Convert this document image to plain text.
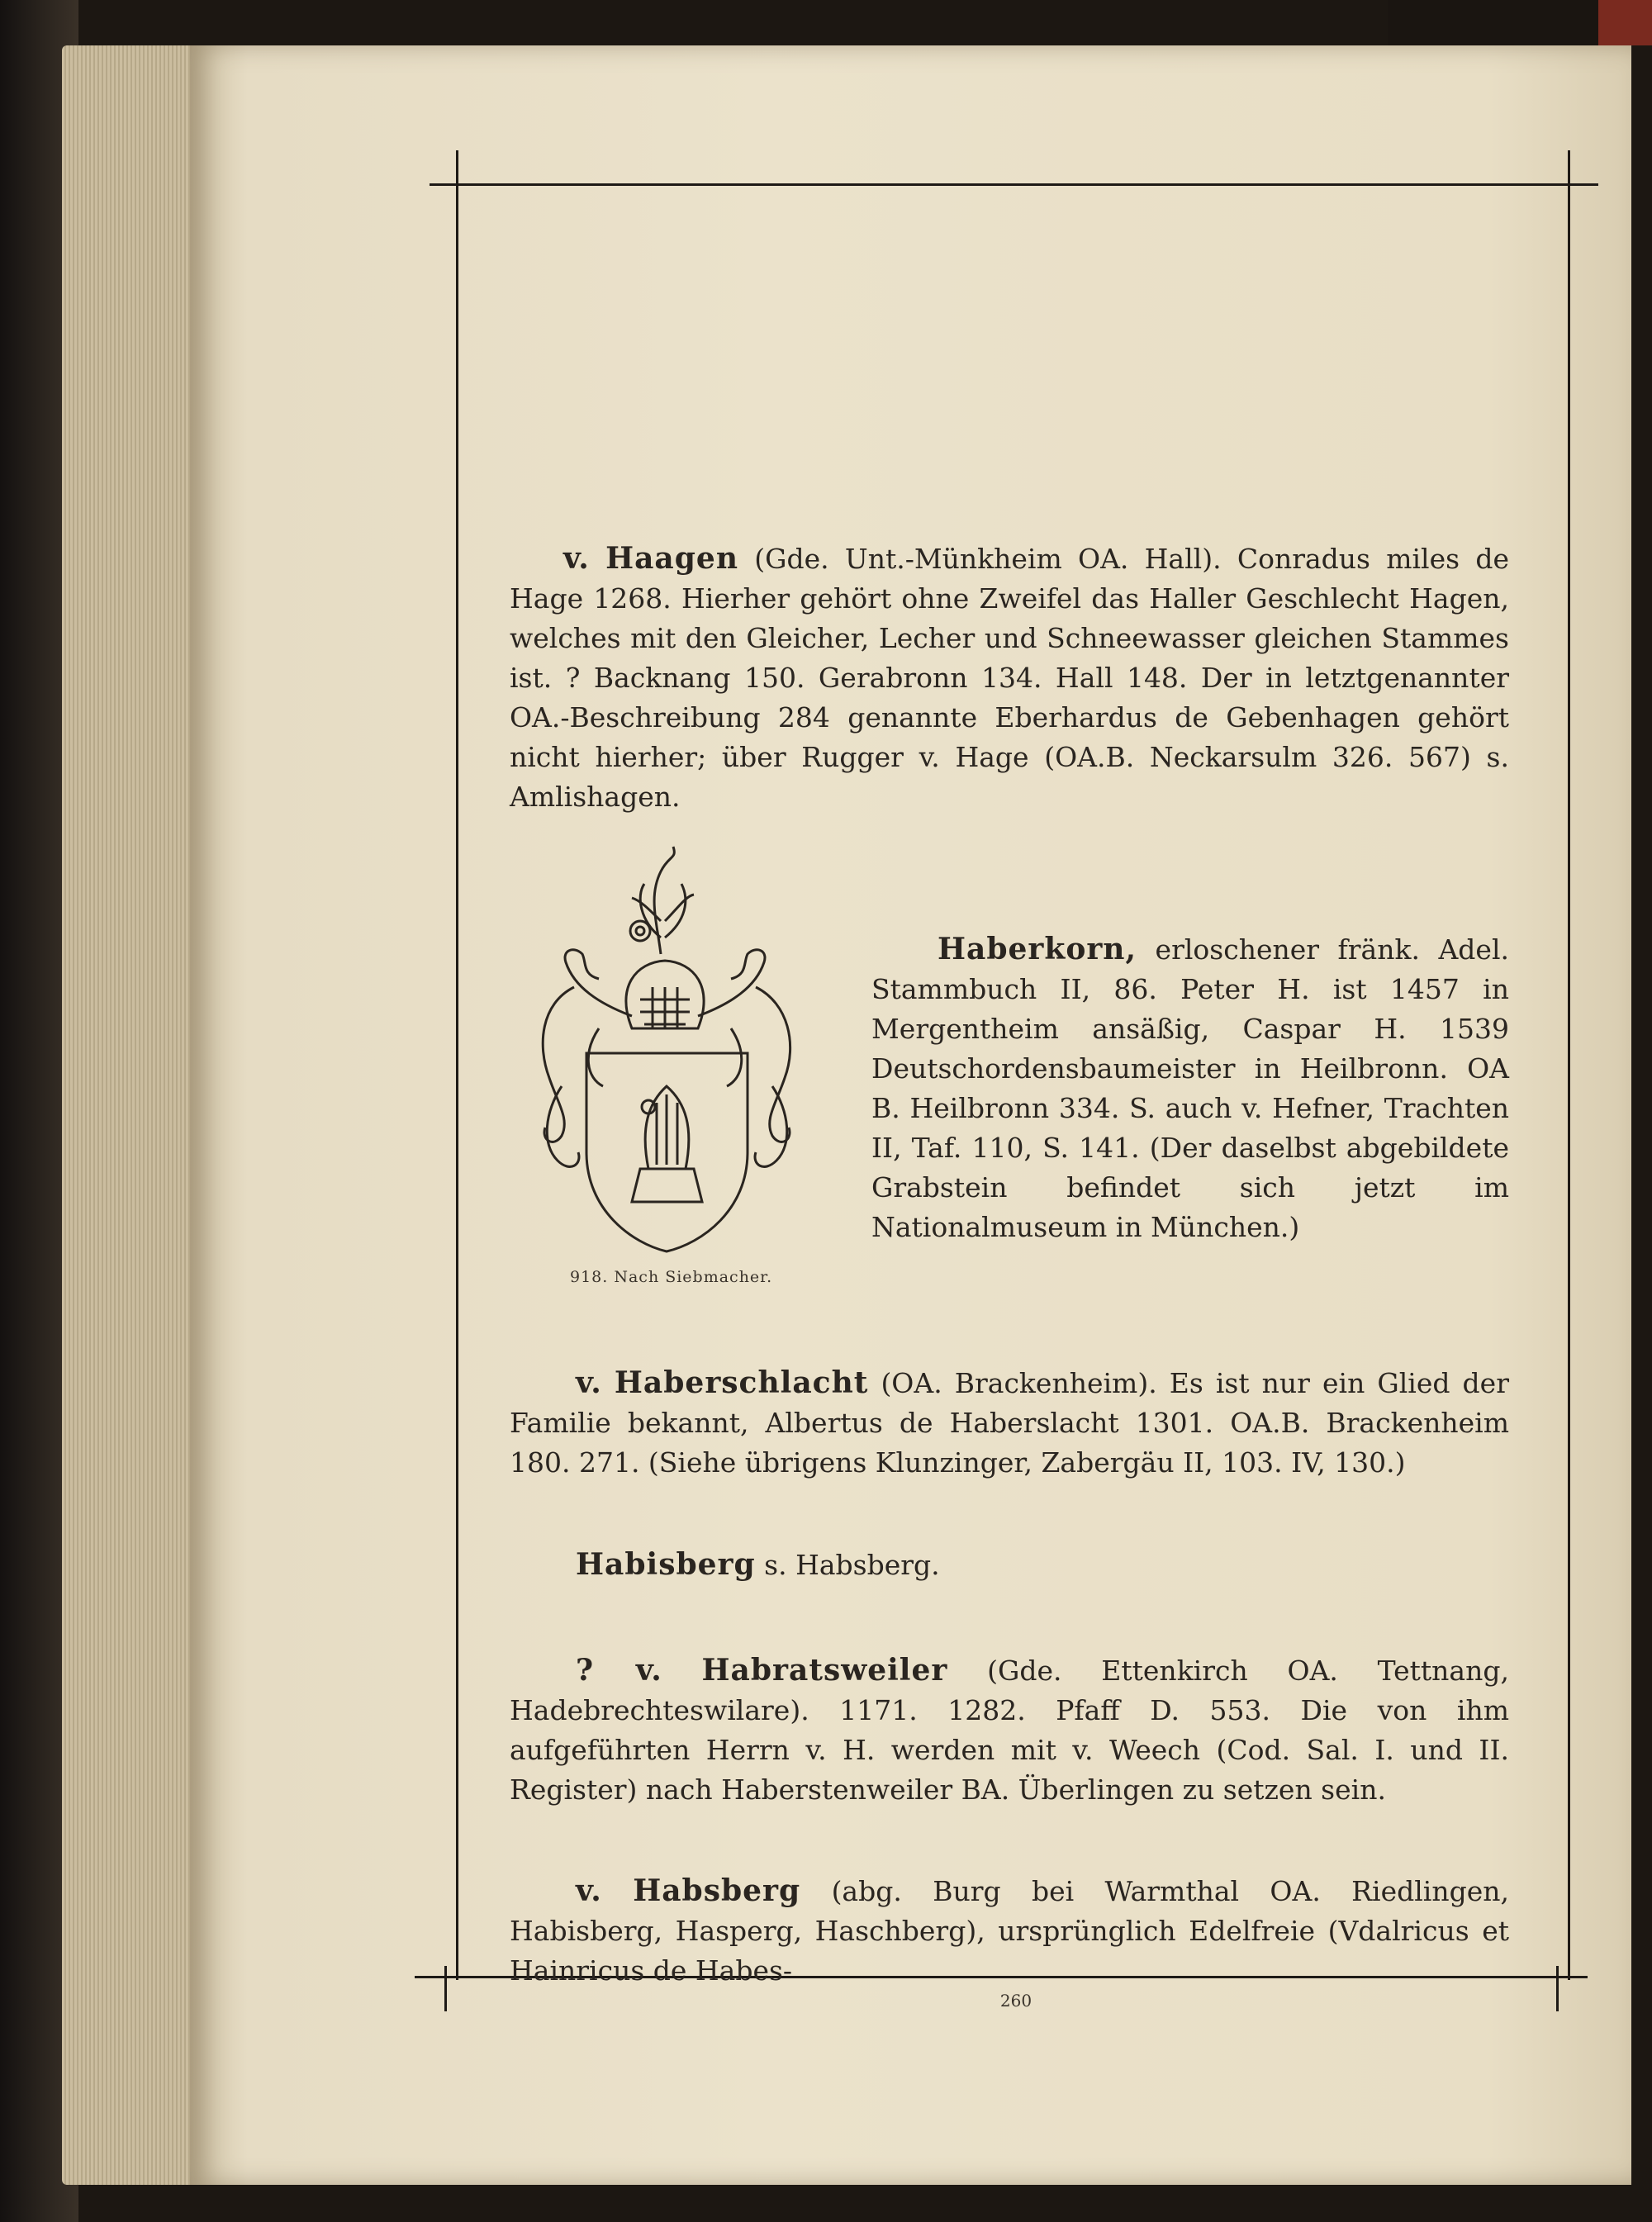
v. Haagen (Gde. Unt.-Münkheim OA. Hall). Conradus miles de Hage 1268. Hierher gehört ohne Zweifel das Haller Geschlecht Hagen, welches mit den Gleicher, Lecher und Schneewasser gleichen Stammes ist. ? Backnang 150. Gerabronn 134. Hall 148. Der in letztgenannter OA.-Beschreibung 284 genannte Eberhardus de Gebenhagen gehört nicht hierher; über Rugger v. Hage (OA.B. Neckarsulm 326. 567) s. Amlishagen.

918. Nach Siebmacher.

Haberkorn, erloschener fränk. Adel. Stammbuch II, 86. Peter H. ist 1457 in Mergentheim ansäßig, Caspar H. 1539 Deutschordensbaumeister in Heilbronn. OA B. Heilbronn 334. S. auch v. Hefner, Trachten II, Taf. 110, S. 141. (Der daselbst abgebildete Grabstein befindet sich jetzt im Nationalmuseum in München.)

v. Haberschlacht (OA. Brackenheim). Es ist nur ein Glied der Familie bekannt, Albertus de Haberslacht 1301. OA.B. Brackenheim 180. 271. (Siehe übrigens Klunzinger, Zabergäu II, 103. IV, 130.)

Habisberg s. Habsberg.

? v. Habratsweiler (Gde. Ettenkirch OA. Tettnang, Hadebrechteswilare). 1171. 1282. Pfaff D. 553. Die von ihm aufgeführten Herrn v. H. werden mit v. Weech (Cod. Sal. I. und II. Register) nach Haberstenweiler BA. Überlingen zu setzen sein.

v. Habsberg (abg. Burg bei Warmthal OA. Riedlingen, Habisberg, Hasperg, Haschberg), ursprünglich Edelfreie (Vdalricus et Hainricus de Habes-

260
